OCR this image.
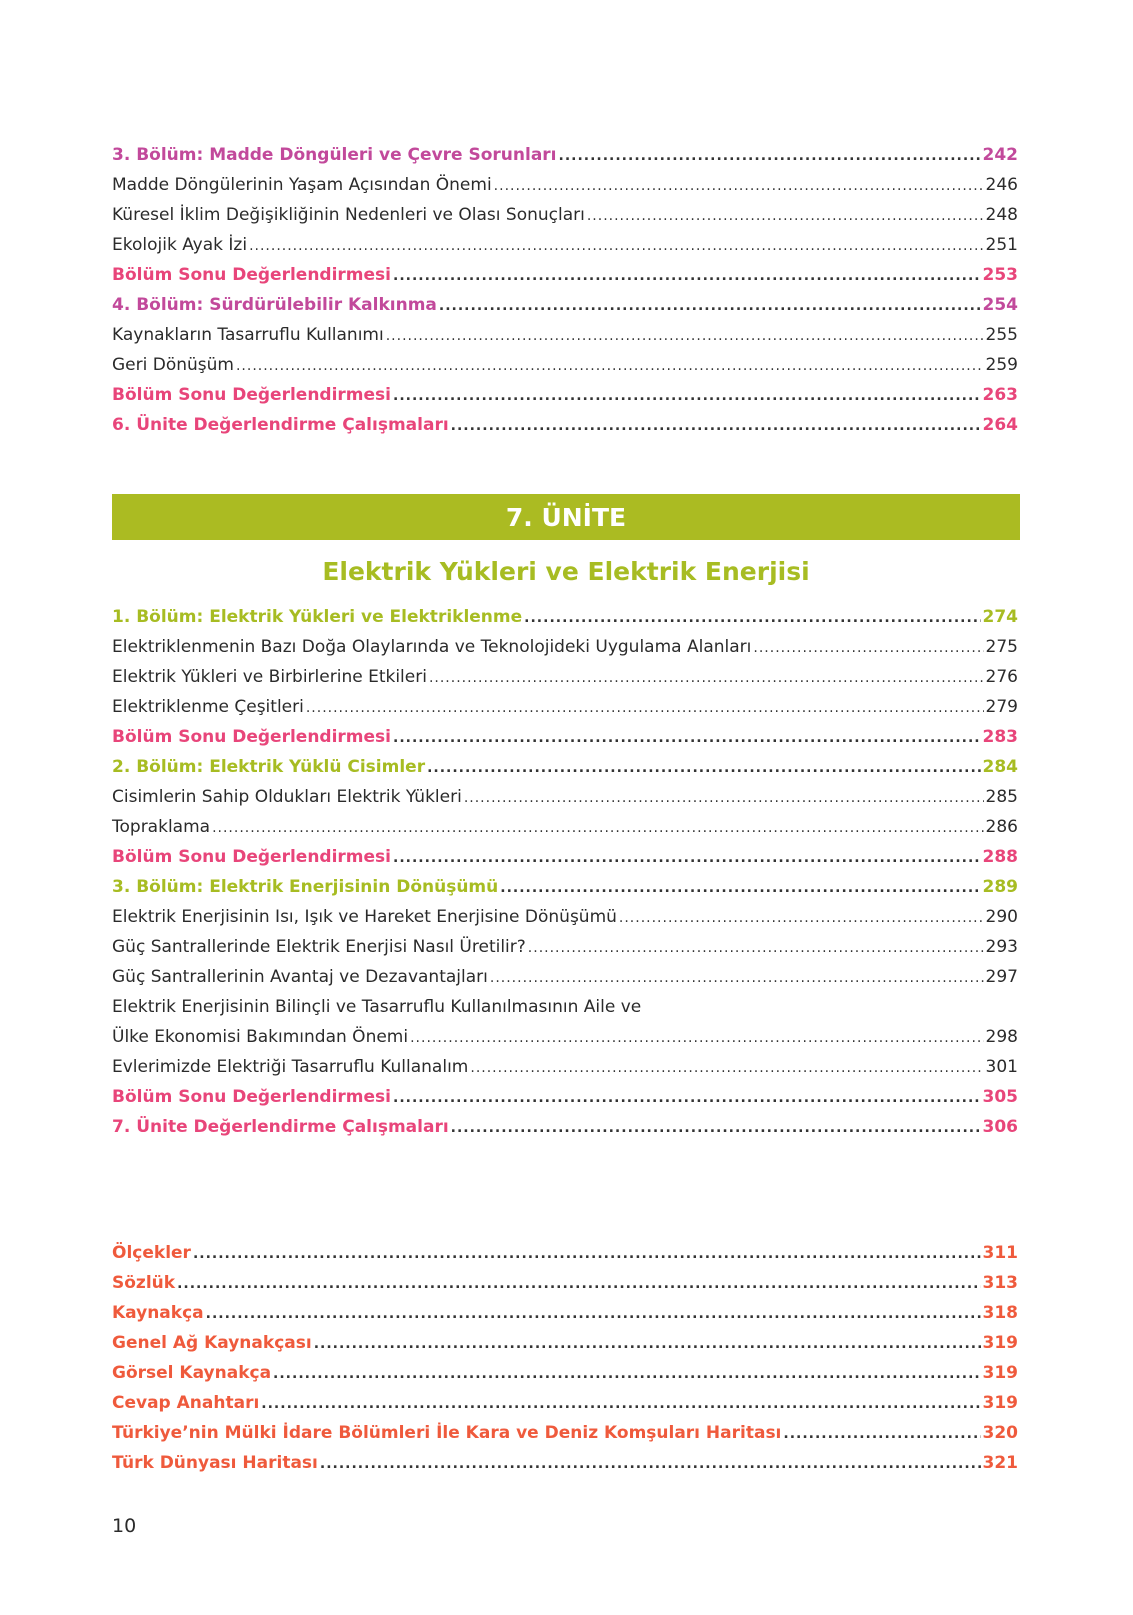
3. Bölüm: Madde Döngüleri ve Çevre Sorunları .....	242
Madde Döngülerinin Yaşam Açısından Önemi .....	246
Küresel İklim Değişikliğinin Nedenleri ve Olası Sonuçları .....	248
Ekolojik Ayak İzi .....	251
Bölüm Sonu Değerlendirmesi .....	253
4. Bölüm: Sürdürülebilir Kalkınma .....	254
Kaynakların Tasarruflu Kullanımı .....	255
Geri Dönüşüm .....	259
Bölüm Sonu Değerlendirmesi .....	263
6. Ünite Değerlendirme Çalışmaları .....	264
7. ÜNİTE
Elektrik Yükleri ve Elektrik Enerjisi
1. Bölüm: Elektrik Yükleri ve Elektriklenme .....	274
Elektriklenmenin Bazı Doğa Olaylarında ve Teknolojideki Uygulama Alanları .....	275
Elektrik Yükleri ve Birbirlerine Etkileri .....	276
Elektriklenme Çeşitleri .....	279
Bölüm Sonu Değerlendirmesi .....	283
2. Bölüm: Elektrik Yüklü Cisimler .....	284
Cisimlerin Sahip Oldukları Elektrik Yükleri .....	285
Topraklama .....	286
Bölüm Sonu Değerlendirmesi .....	288
3. Bölüm: Elektrik Enerjisinin Dönüşümü .....	289
Elektrik Enerjisinin Isı, Işık ve Hareket Enerjisine Dönüşümü .....	290
Güç Santrallerinde Elektrik Enerjisi Nasıl Üretilir? .....	293
Güç Santrallerinin Avantaj ve Dezavantajları .....	297
Elektrik Enerjisinin Bilinçli ve Tasarruflu Kullanılmasının Aile ve
Ülke Ekonomisi Bakımından Önemi .....	298
Evlerimizde Elektriği Tasarruflu Kullanalım .....	301
Bölüm Sonu Değerlendirmesi .....	305
7. Ünite Değerlendirme Çalışmaları .....	306
Ölçekler .....	311
Sözlük .....	313
Kaynakça .....	318
Genel Ağ Kaynakçası .....	319
Görsel Kaynakça .....	319
Cevap Anahtarı .....	319
Türkiye’nin Mülki İdare Bölümleri İle Kara ve Deniz Komşuları Haritası .....	320
Türk Dünyası Haritası .....	321
10
